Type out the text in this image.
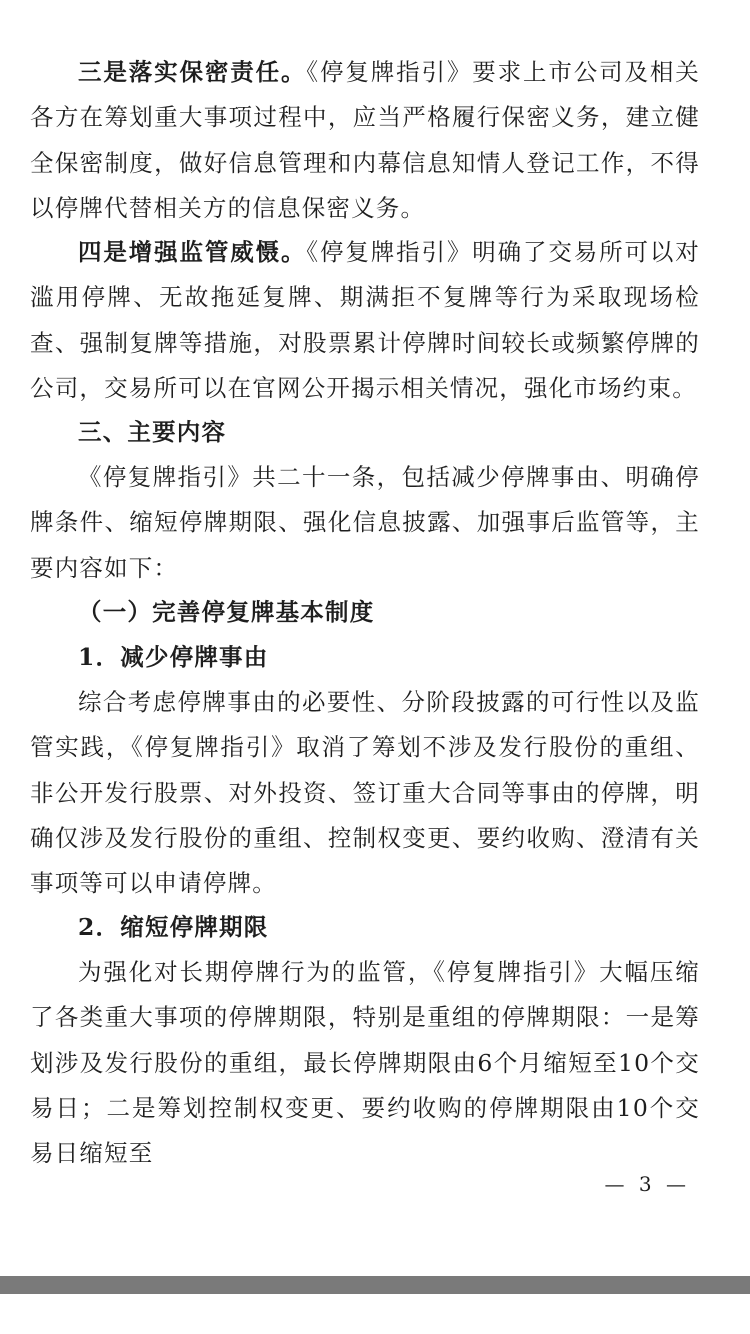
三是落实保密责任。《停复牌指引》要求上市公司及相关各方在筹划重大事项过程中，应当严格履行保密义务，建立健全保密制度，做好信息管理和内幕信息知情人登记工作，不得以停牌代替相关方的信息保密义务。

四是增强监管威慑。《停复牌指引》明确了交易所可以对滥用停牌、无故拖延复牌、期满拒不复牌等行为采取现场检查、强制复牌等措施，对股票累计停牌时间较长或频繁停牌的公司，交易所可以在官网公开揭示相关情况，强化市场约束。

三、主要内容

《停复牌指引》共二十一条，包括减少停牌事由、明确停牌条件、缩短停牌期限、强化信息披露、加强事后监管等，主要内容如下：

（一）完善停复牌基本制度

1．减少停牌事由

综合考虑停牌事由的必要性、分阶段披露的可行性以及监管实践，《停复牌指引》取消了筹划不涉及发行股份的重组、非公开发行股票、对外投资、签订重大合同等事由的停牌，明确仅涉及发行股份的重组、控制权变更、要约收购、澄清有关事项等可以申请停牌。

2．缩短停牌期限

为强化对长期停牌行为的监管，《停复牌指引》大幅压缩了各类重大事项的停牌期限，特别是重组的停牌期限：一是筹划涉及发行股份的重组，最长停牌期限由6个月缩短至10个交易日；二是筹划控制权变更、要约收购的停牌期限由10个交易日缩短至

— 3 —
